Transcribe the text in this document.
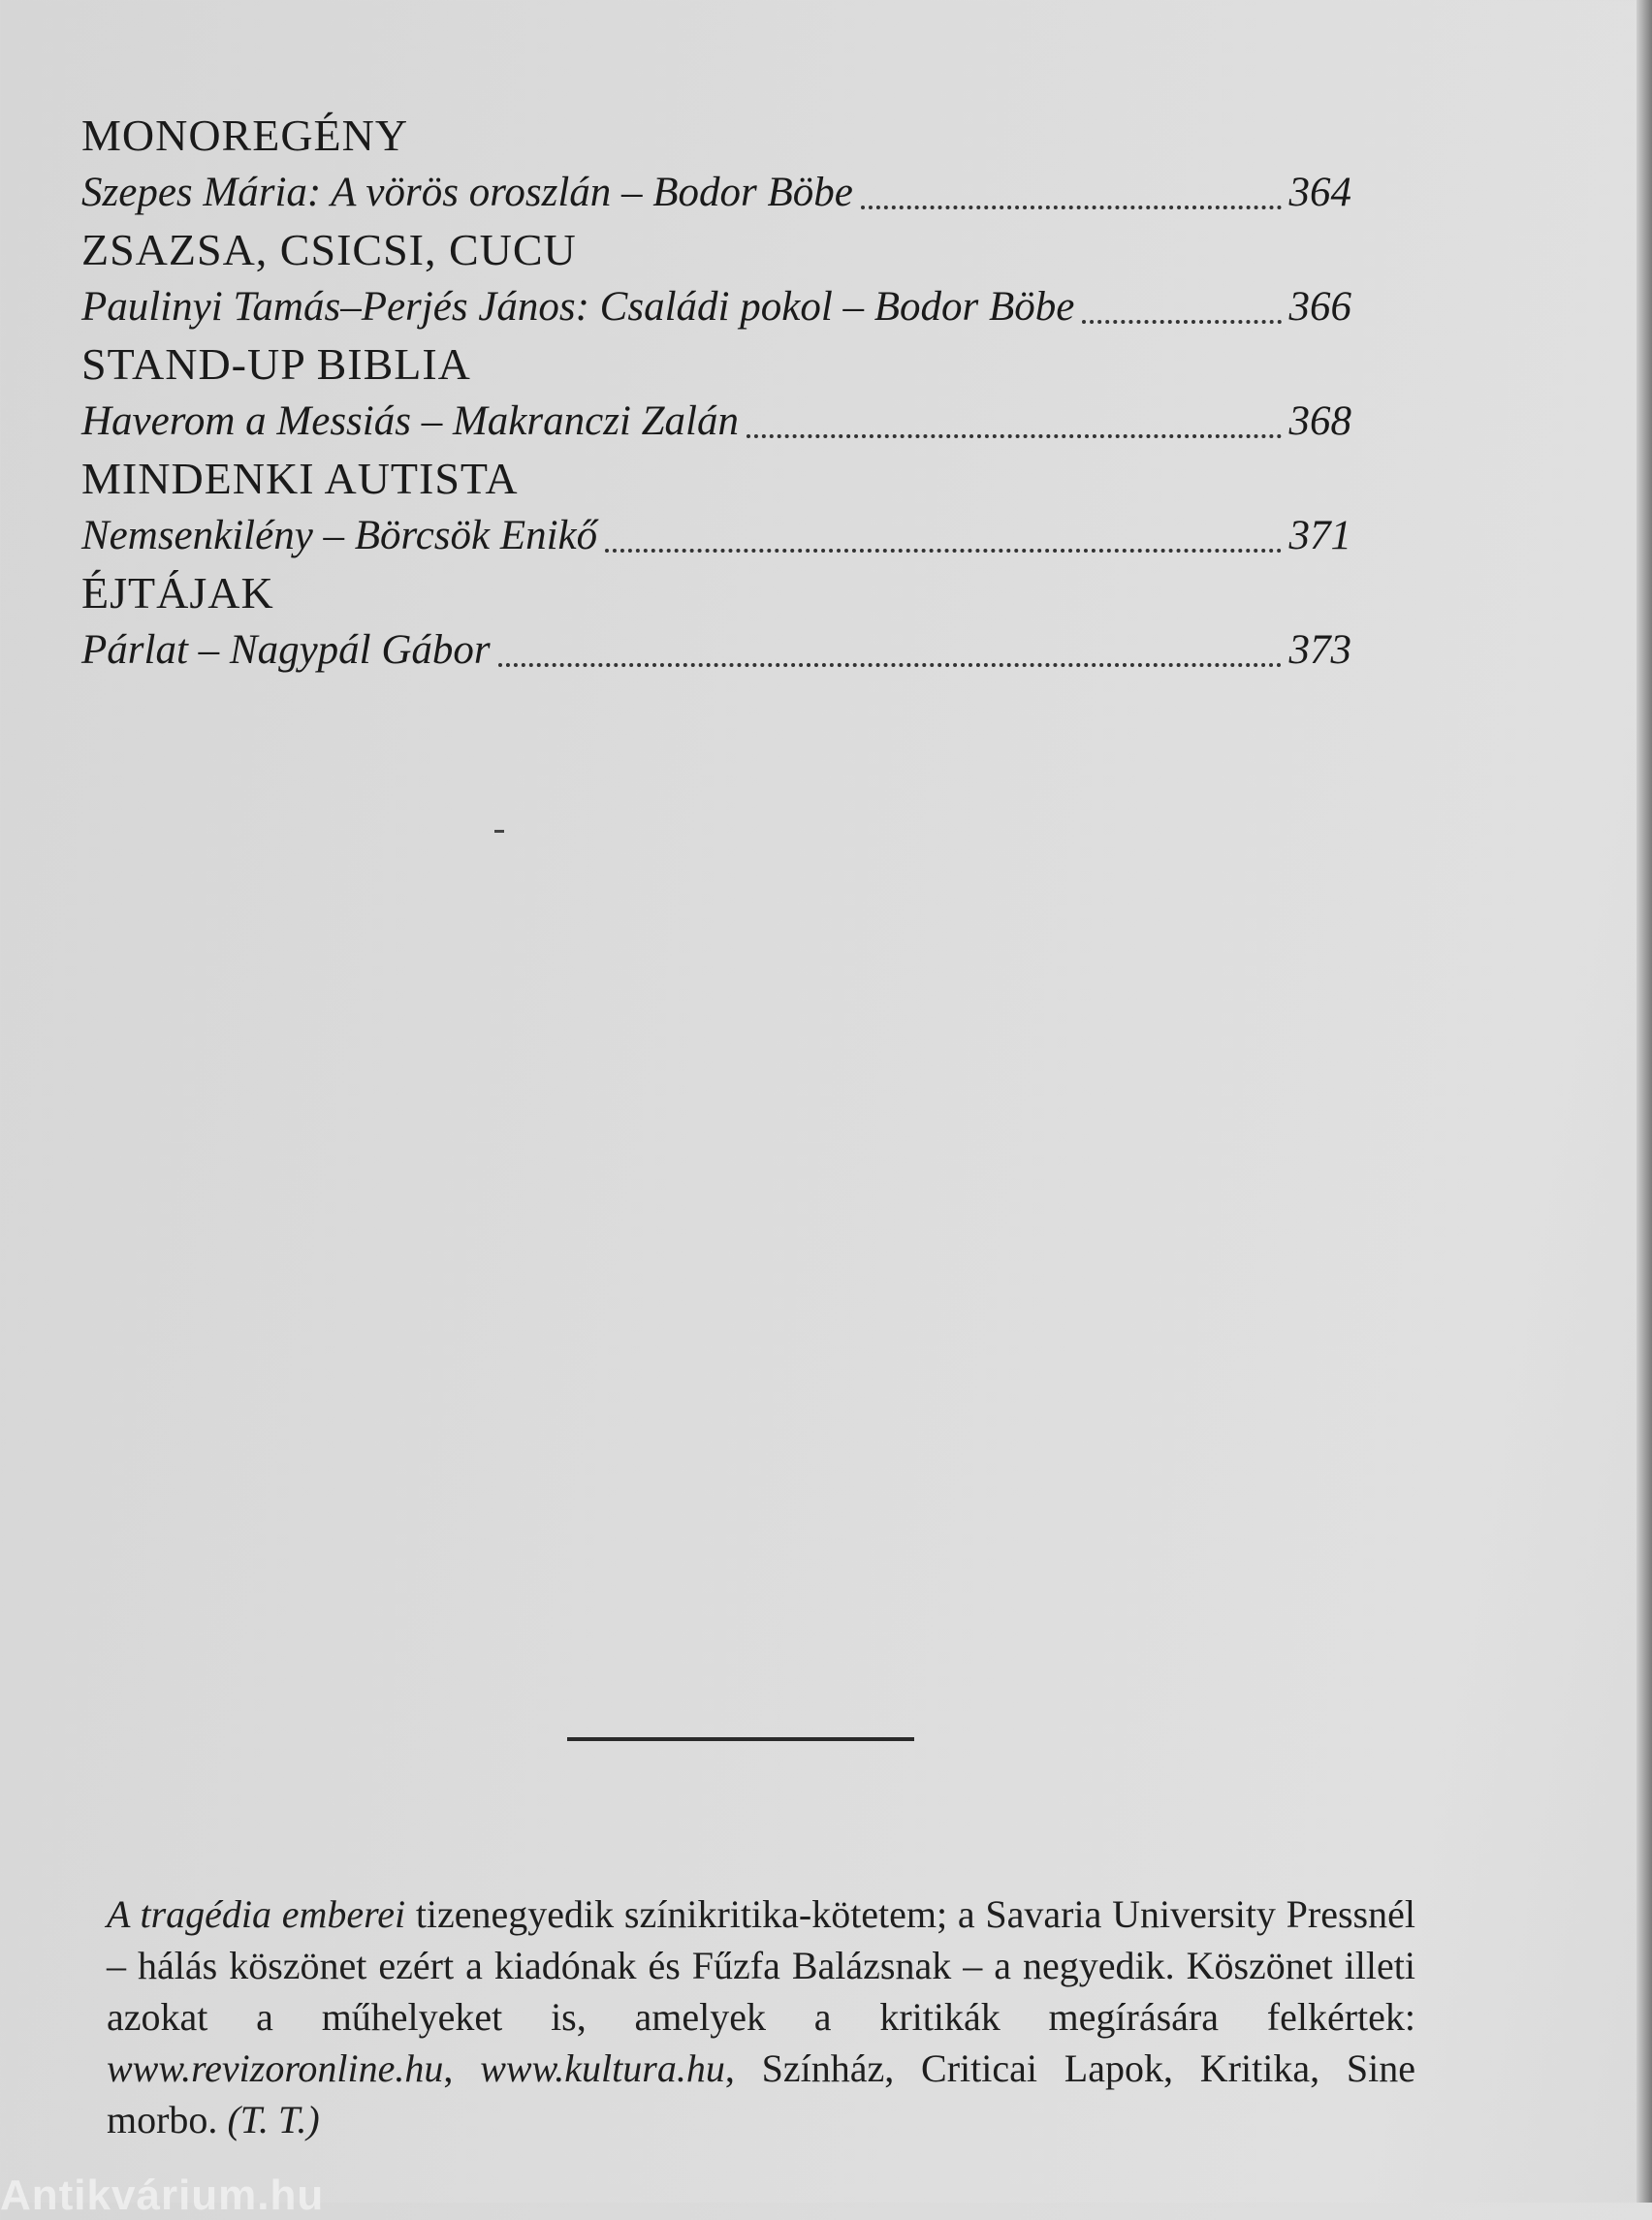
MONOREGÉNY
Szepes Mária: A vörös oroszlán – Bodor Böbe	364
ZSAZSA, CSICSI, CUCU
Paulinyi Tamás–Perjés János: Családi pokol – Bodor Böbe	366
STAND-UP BIBLIA
Haverom a Messiás – Makranczi Zalán	368
MINDENKI AUTISTA
Nemsenkilény – Börcsök Enikő	371
ÉJTÁJAK
Párlat – Nagypál Gábor	373

A tragédia emberei tizenegyedik színikritika-kötetem; a Savaria University Pressnél – hálás köszönet ezért a kiadónak és Fűzfa Balázsnak – a negyedik. Köszönet illeti azokat a műhelyeket is, amelyek a kritikák megírására felkértek: www.revizoronline.hu, www.kultura.hu, Színház, Criticai Lapok, Kritika, Sine morbo. (T. T.)

Antikvárium.hu
